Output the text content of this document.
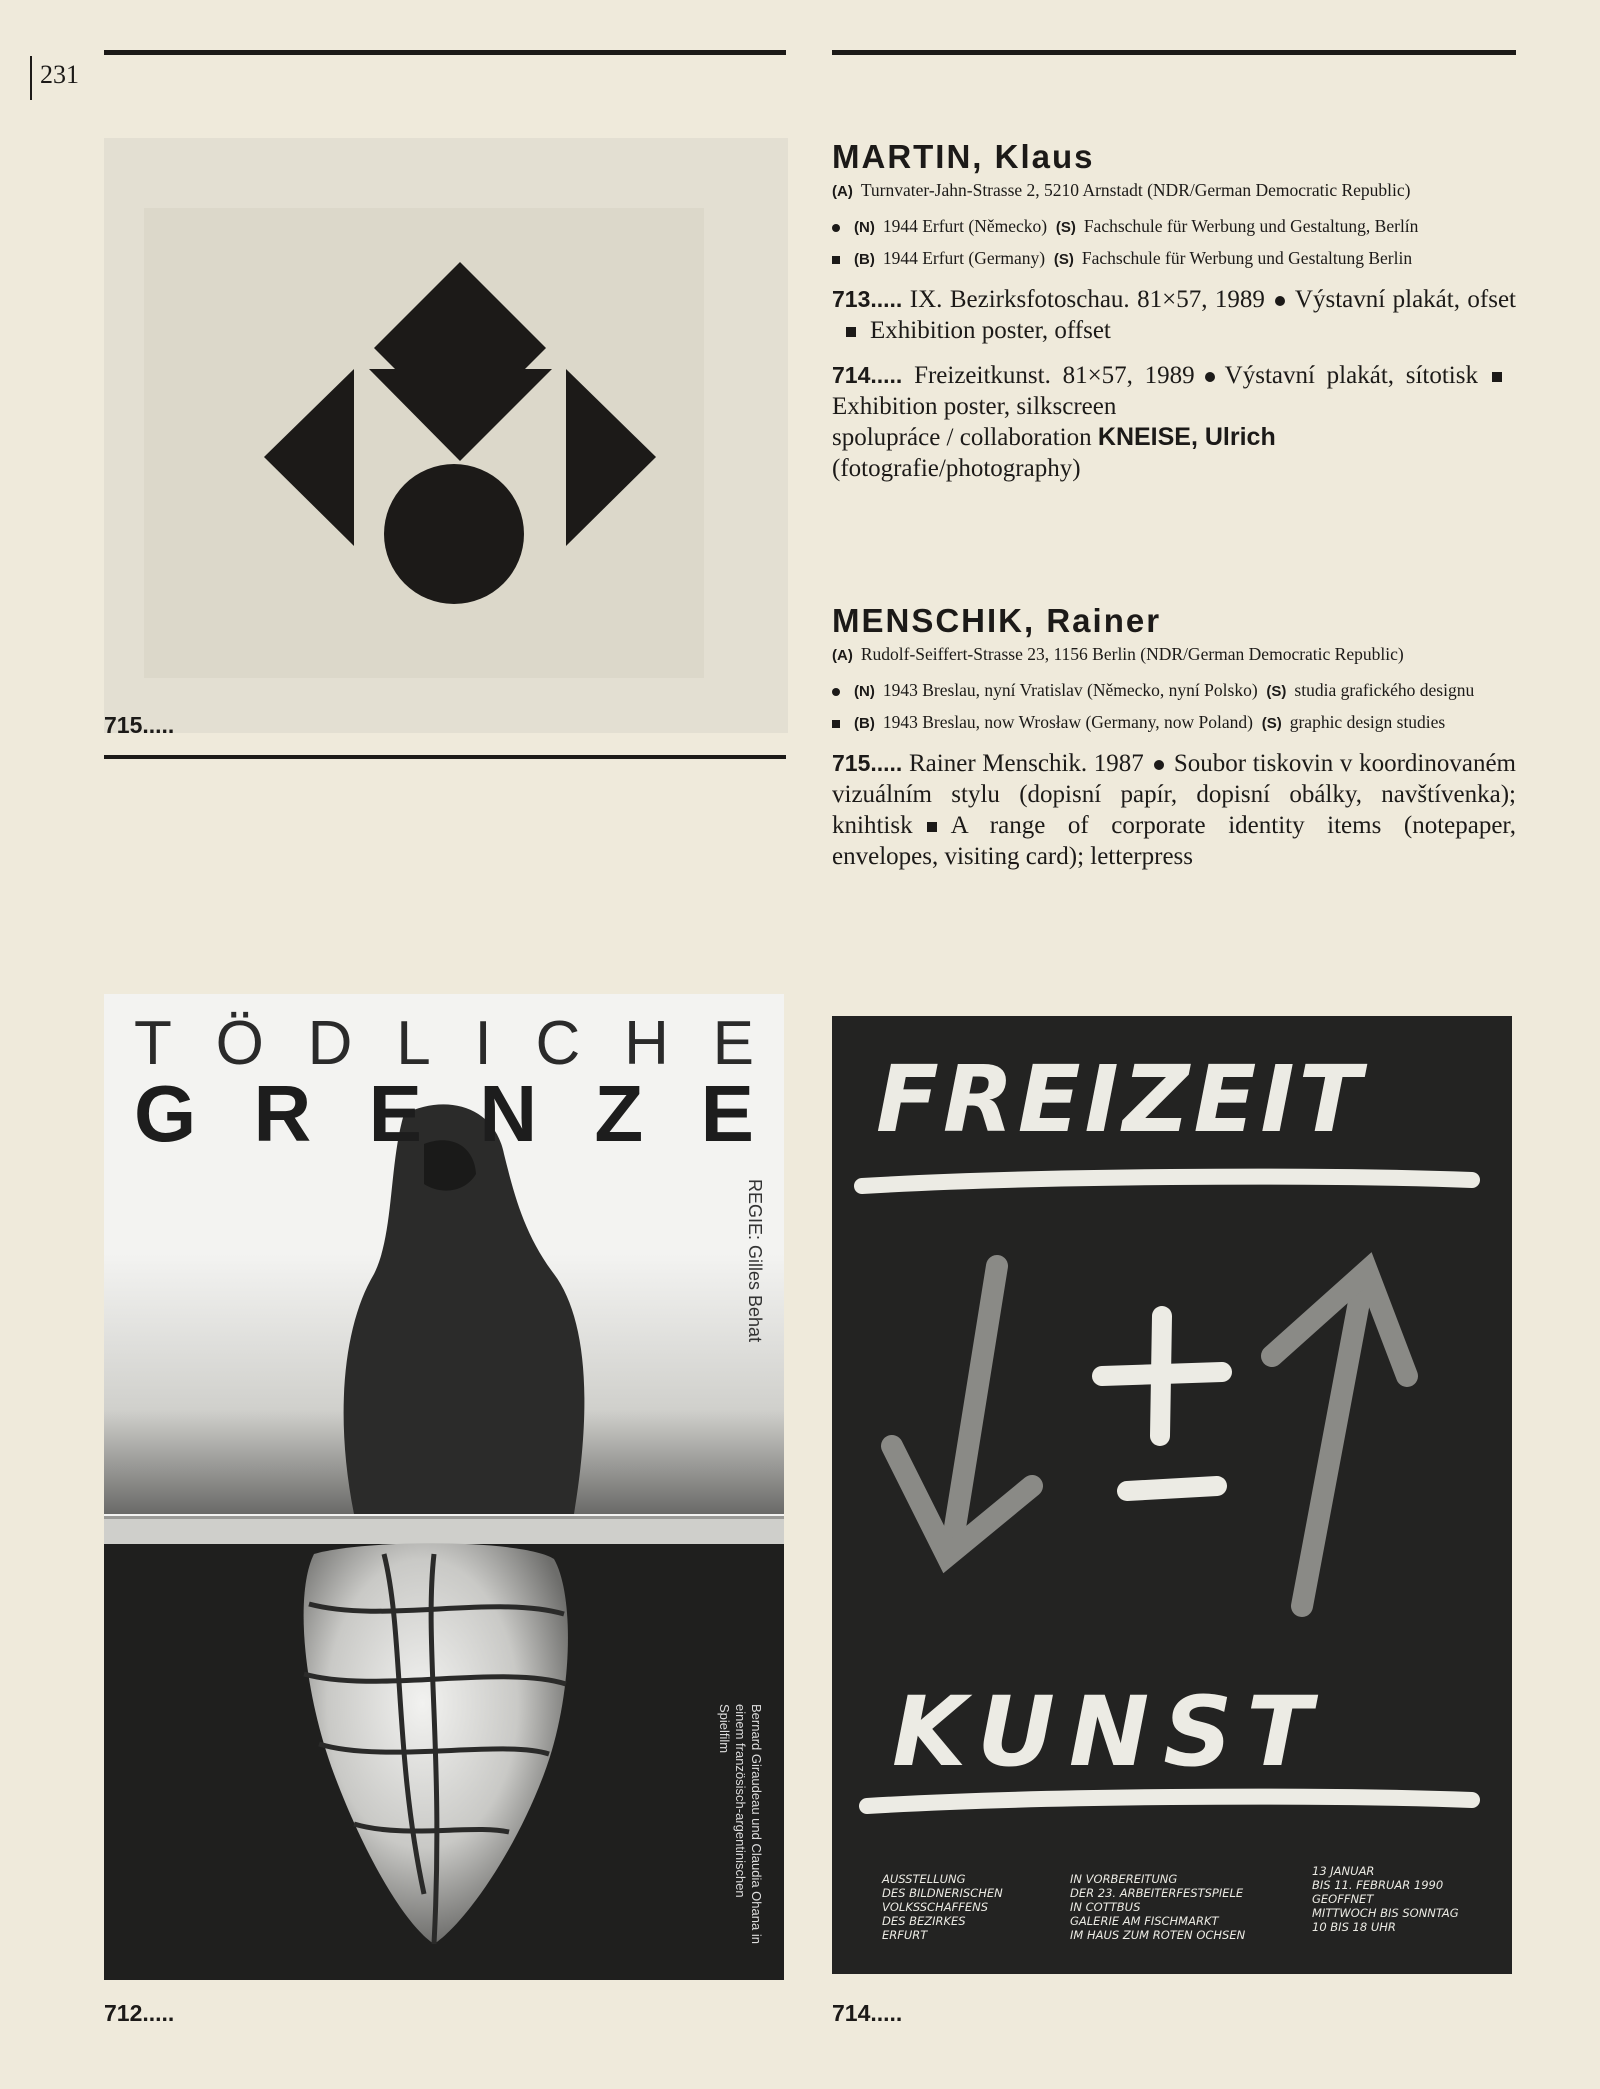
231
715.....

MARTIN, Klaus

(A) Turnvater-Jahn-Strasse 2, 5210 Arnstadt (NDR/German Democratic Republic)

(N) 1944 Erfurt (Německo) (S) Fachschule für Werbung und Gestaltung, Berlín

(B) 1944 Erfurt (Germany) (S) Fachschule für Werbung und Gestaltung Berlin

713..... IX. Bezirksfotoschau. 81×57, 1989 Výstavní plakát, ofsetExhibition poster, offset

714..... Freizeitkunst. 81×57, 1989 Výstavní plakát, sítotiskExhibition poster, silkscreen

spolupráce / collaboration KNEISE, Ulrich (fotografie/photography)

MENSCHIK, Rainer

(A) Rudolf-Seiffert-Strasse 23, 1156 Berlin (NDR/German Democratic Republic)

(N) 1943 Breslau, nyní Vratislav (Německo, nyní Polsko) (S) studia grafického designu

(B) 1943 Breslau, now Wrosław (Germany, now Poland) (S) graphic design studies

715..... Rainer Menschik. 1987 Soubor tiskovin v koordinovaném vizuálním stylu (dopisní papír, dopisní obálky, navštívenka); knihtisk A range of corporate identity items (notepaper, envelopes, visiting card); letterpress

T Ö D L I C H E
G R E N Z E
REGIE: Gilles Behat
Bernard Giraudeau und Claudia Ohana in einem französisch-argentinischen Spielfilm
712.....
FREIZEIT
KUNST
AUSSTELLUNG
DES BILDNERISCHEN
VOLKSSCHAFFENS
DES BEZIRKES
ERFURT
IN VORBEREITUNG
DER 23. ARBEITERFESTSPIELE
IN COTTBUS
GALERIE AM FISCHMARKT
IM HAUS ZUM ROTEN OCHSEN
13 JANUAR
BIS 11. FEBRUAR 1990
GEOFFNET
MITTWOCH BIS SONNTAG
10 BIS 18 UHR
714.....
